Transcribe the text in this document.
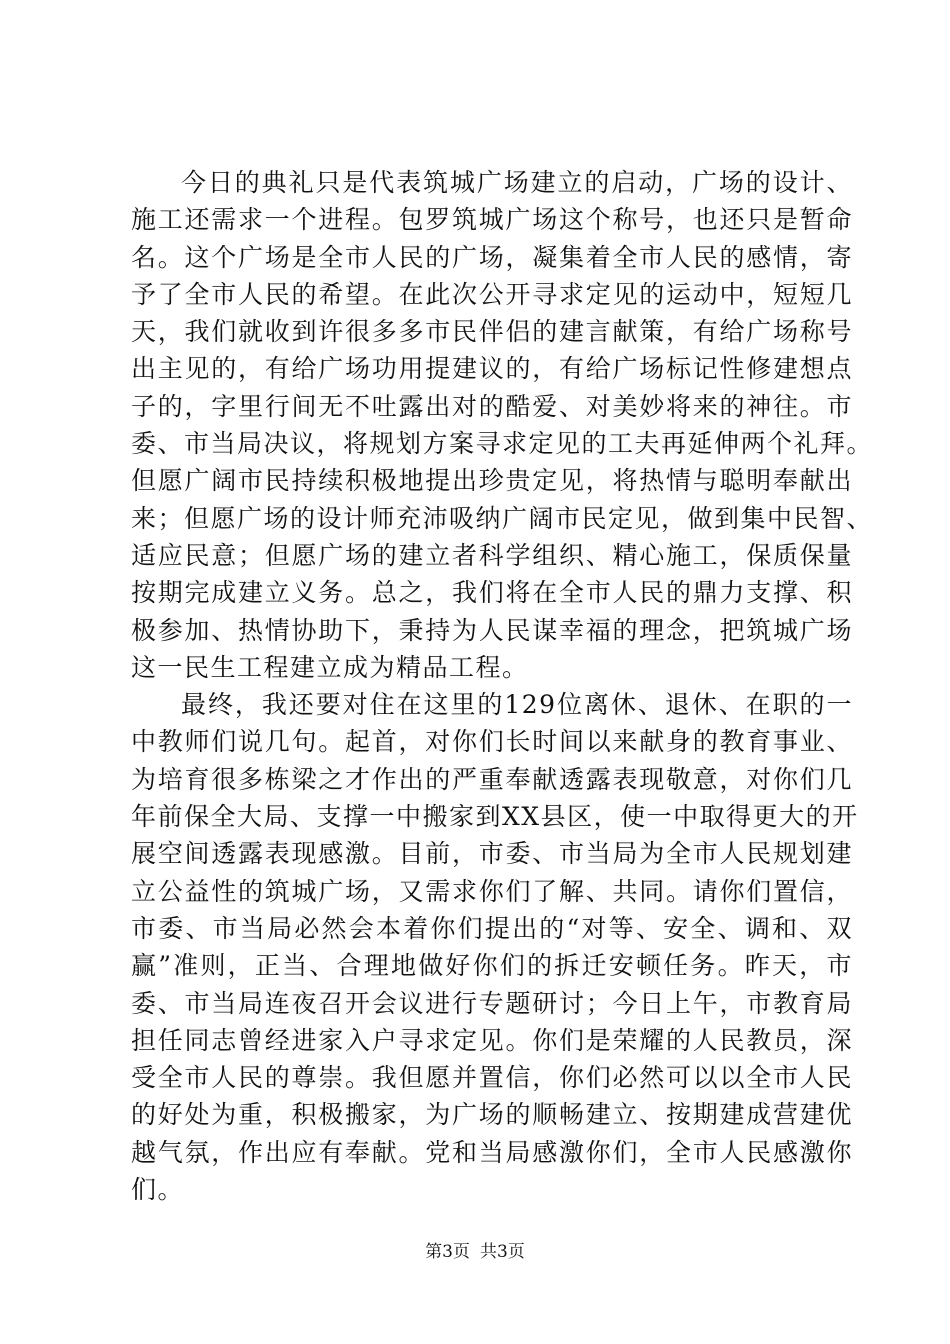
今日的典礼只是代表筑城广场建立的启动，广场的设计、
施工还需求一个进程。包罗筑城广场这个称号，也还只是暂命
名。这个广场是全市人民的广场，凝集着全市人民的感情，寄
予了全市人民的希望。在此次公开寻求定见的运动中，短短几
天，我们就收到许很多多市民伴侣的建言献策，有给广场称号
出主见的，有给广场功用提建议的，有给广场标记性修建想点
子的，字里行间无不吐露出对的酷爱、对美妙将来的神往。市
委、市当局决议，将规划方案寻求定见的工夫再延伸两个礼拜。
但愿广阔市民持续积极地提出珍贵定见，将热情与聪明奉献出
来；但愿广场的设计师充沛吸纳广阔市民定见，做到集中民智、
适应民意；但愿广场的建立者科学组织、精心施工，保质保量
按期完成建立义务。总之，我们将在全市人民的鼎力支撑、积
极参加、热情协助下，秉持为人民谋幸福的理念，把筑城广场
这一民生工程建立成为精品工程。
最终，我还要对住在这里的129位离休、退休、在职的一
中教师们说几句。起首，对你们长时间以来献身的教育事业、
为培育很多栋梁之才作出的严重奉献透露表现敬意，对你们几
年前保全大局、支撑一中搬家到XX县区，使一中取得更大的开
展空间透露表现感激。目前，市委、市当局为全市人民规划建
立公益性的筑城广场，又需求你们了解、共同。请你们置信，
市委、市当局必然会本着你们提出的“对等、安全、调和、双
赢”准则，正当、合理地做好你们的拆迁安顿任务。昨天，市
委、市当局连夜召开会议进行专题研讨；今日上午，市教育局
担任同志曾经进家入户寻求定见。你们是荣耀的人民教员，深
受全市人民的尊崇。我但愿并置信，你们必然可以以全市人民
的好处为重，积极搬家，为广场的顺畅建立、按期建成营建优
越气氛，作出应有奉献。党和当局感激你们，全市人民感激你
们。
第3页 共3页
